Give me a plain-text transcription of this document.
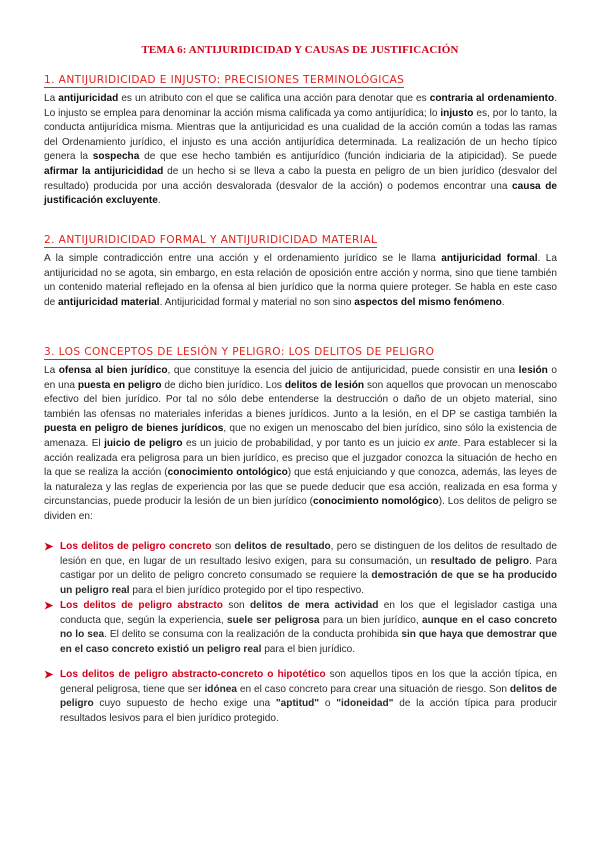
TEMA 6: ANTIJURIDICIDAD Y CAUSAS DE JUSTIFICACIÓN
1. ANTIJURIDICIDAD E INJUSTO: PRECISIONES TERMINOLÓGICAS
La antijuricidad es un atributo con el que se califica una acción para denotar que es contraria al ordenamiento. Lo injusto se emplea para denominar la acción misma calificada ya como antijurídica; lo injusto es, por lo tanto, la conducta antijurídica misma. Mientras que la antijuricidad es una cualidad de la acción común a todas las ramas del Ordenamiento jurídico, el injusto es una acción antijurídica determinada. La realización de un hecho típico genera la sospecha de que ese hecho también es antijurídico (función indiciaria de la atipicidad). Se puede afirmar la antijuricididad de un hecho si se lleva a cabo la puesta en peligro de un bien jurídico (desvalor del resultado) producida por una acción desvalorada (desvalor de la acción) o podemos encontrar una causa de justificación excluyente.
2. ANTIJURIDICIDAD FORMAL Y ANTIJURIDICIDAD MATERIAL
A la simple contradicción entre una acción y el ordenamiento jurídico se le llama antijuricidad formal. La antijuricidad no se agota, sin embargo, en esta relación de oposición entre acción y norma, sino que tiene también un contenido material reflejado en la ofensa al bien jurídico que la norma quiere proteger. Se habla en este caso de antijuricidad material. Antijuricidad formal y material no son sino aspectos del mismo fenómeno.
3. LOS CONCEPTOS DE LESIÓN Y PELIGRO: LOS DELITOS DE PELIGRO
La ofensa al bien jurídico, que constituye la esencia del juicio de antijuricidad, puede consistir en una lesión o en una puesta en peligro de dicho bien jurídico. Los delitos de lesión son aquellos que provocan un menoscabo efectivo del bien jurídico. Por tal no sólo debe entenderse la destrucción o daño de un objeto material, sino también las ofensas no materiales inferidas a bienes jurídicos. Junto a la lesión, en el DP se castiga también la puesta en peligro de bienes jurídicos, que no exigen un menoscabo del bien jurídico, sino sólo la existencia de amenaza. El juicio de peligro es un juicio de probabilidad, y por tanto es un juicio ex ante. Para establecer si la acción realizada era peligrosa para un bien jurídico, es preciso que el juzgador conozca la situación de hecho en la que se realiza la acción (conocimiento ontológico) que está enjuiciando y que conozca, además, las leyes de la naturaleza y las reglas de experiencia por las que se puede deducir que esa acción, realizada en esa forma y circunstancias, puede producir la lesión de un bien jurídico (conocimiento nomológico). Los delitos de peligro se dividen en:
➤ Los delitos de peligro concreto son delitos de resultado, pero se distinguen de los delitos de resultado de lesión en que, en lugar de un resultado lesivo exigen, para su consumación, un resultado de peligro. Para castigar por un delito de peligro concreto consumado se requiere la demostración de que se ha producido un peligro real para el bien jurídico protegido por el tipo respectivo.
➤ Los delitos de peligro abstracto son delitos de mera actividad en los que el legislador castiga una conducta que, según la experiencia, suele ser peligrosa para un bien jurídico, aunque en el caso concreto no lo sea. El delito se consuma con la realización de la conducta prohibida sin que haya que demostrar que en el caso concreto existió un peligro real para el bien jurídico.
➤ Los delitos de peligro abstracto-concreto o hipotético son aquellos tipos en los que la acción típica, en general peligrosa, tiene que ser idónea en el caso concreto para crear una situación de riesgo. Son delitos de peligro cuyo supuesto de hecho exige una "aptitud" o "idoneidad" de la acción típica para producir resultados lesivos para el bien jurídico protegido.
